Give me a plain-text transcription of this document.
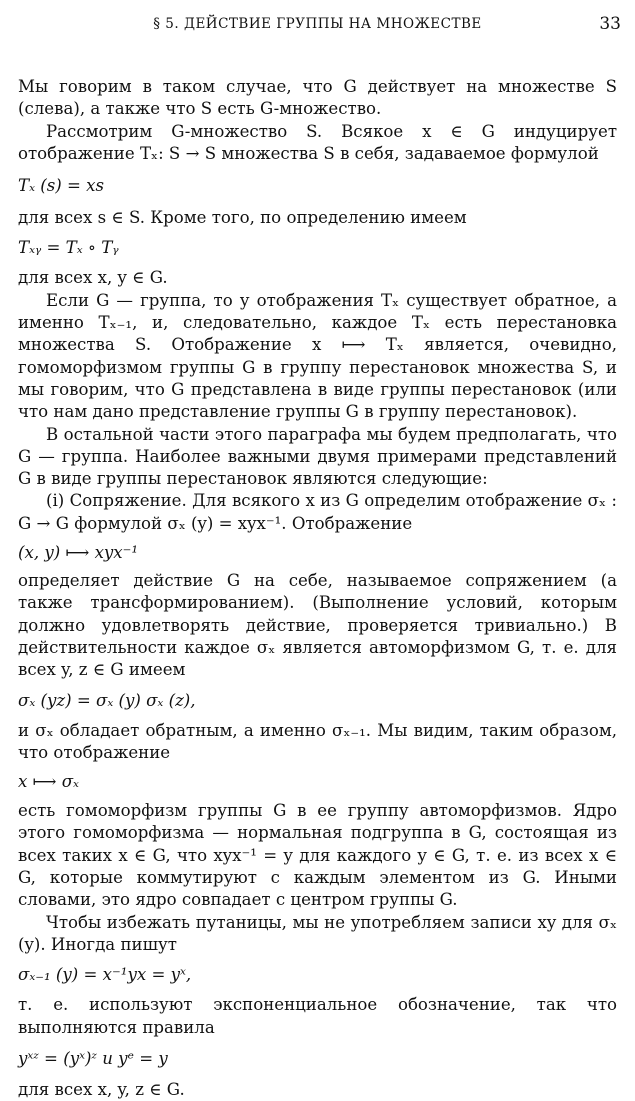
§ 5. ДЕЙСТВИЕ ГРУППЫ НА МНОЖЕСТВЕ	33

Мы говорим в таком случае, что G действует на множестве S (слева), а также что S есть G-множество.

Рассмотрим G-множество S. Всякое x ∈ G индуцирует отображение Tₓ: S → S множества S в себя, задаваемое формулой

Tₓ (s) = xs

для всех s ∈ S. Кроме того, по определению имеем

Tₓᵧ = Tₓ ∘ Tᵧ

для всех x, y ∈ G.

Если G — группа, то у отображения Tₓ существует обратное, а именно Tₓ₋₁, и, следовательно, каждое Tₓ есть перестановка множества S. Отображение x ⟼ Tₓ является, очевидно, гомоморфизмом группы G в группу перестановок множества S, и мы говорим, что G представлена в виде группы перестановок (или что нам дано представление группы G в группу перестановок).

В остальной части этого параграфа мы будем предполагать, что G — группа. Наиболее важными двумя примерами представлений G в виде группы перестановок являются следующие:

(i) Сопряжение. Для всякого x из G определим отображение σₓ : G → G формулой σₓ (y) = xyx⁻¹. Отображение

(x, y) ⟼ xyx⁻¹

определяет действие G на себе, называемое сопряжением (а также трансформированием). (Выполнение условий, которым должно удовлетворять действие, проверяется тривиально.) В действительности каждое σₓ является автоморфизмом G, т. е. для всех y, z ∈ G имеем

σₓ (yz) = σₓ (y) σₓ (z),

и σₓ обладает обратным, а именно σₓ₋₁. Мы видим, таким образом, что отображение

x ⟼ σₓ

есть гомоморфизм группы G в ее группу автоморфизмов. Ядро этого гомоморфизма — нормальная подгруппа в G, состоящая из всех таких x ∈ G, что xyx⁻¹ = y для каждого y ∈ G, т. е. из всех x ∈ G, которые коммутируют с каждым элементом из G. Иными словами, это ядро совпадает с центром группы G.

Чтобы избежать путаницы, мы не употребляем записи xy для σₓ (y). Иногда пишут

σₓ₋₁ (y) = x⁻¹yx = yˣ,

т. е. используют экспоненциальное обозначение, так что выполняются правила

yˣᶻ = (yˣ)ᶻ и yᵉ = y

для всех x, y, z ∈ G.
